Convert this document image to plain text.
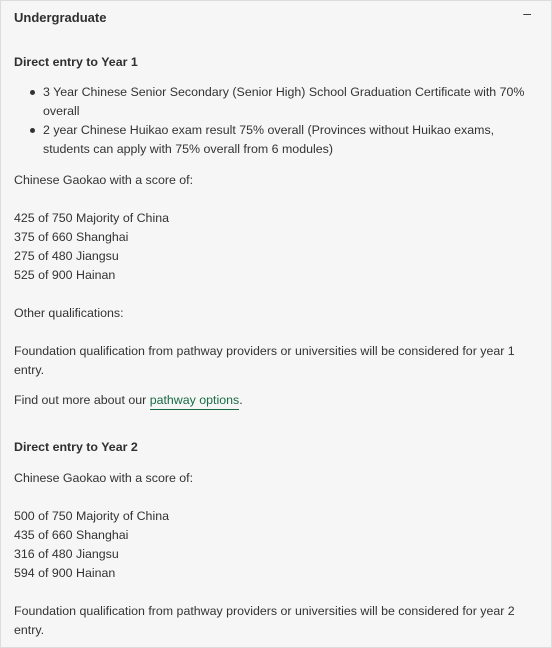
Undergraduate	–

Direct entry to Year 1

3 Year Chinese Senior Secondary (Senior High) School Graduation Certificate with 70% overall
2 year Chinese Huikao exam result 75% overall (Provinces without Huikao exams, students can apply with 75% overall from 6 modules)

Chinese Gaokao with a score of:

425 of 750 Majority of China
375 of 660 Shanghai
275 of 480 Jiangsu
525 of 900 Hainan

Other qualifications:

Foundation qualification from pathway providers or universities will be considered for year 1 entry.

Find out more about our pathway options.

Direct entry to Year 2

Chinese Gaokao with a score of:

500 of 750 Majority of China
435 of 660 Shanghai
316 of 480 Jiangsu
594 of 900 Hainan

Foundation qualification from pathway providers or universities will be considered for year 2 entry.
